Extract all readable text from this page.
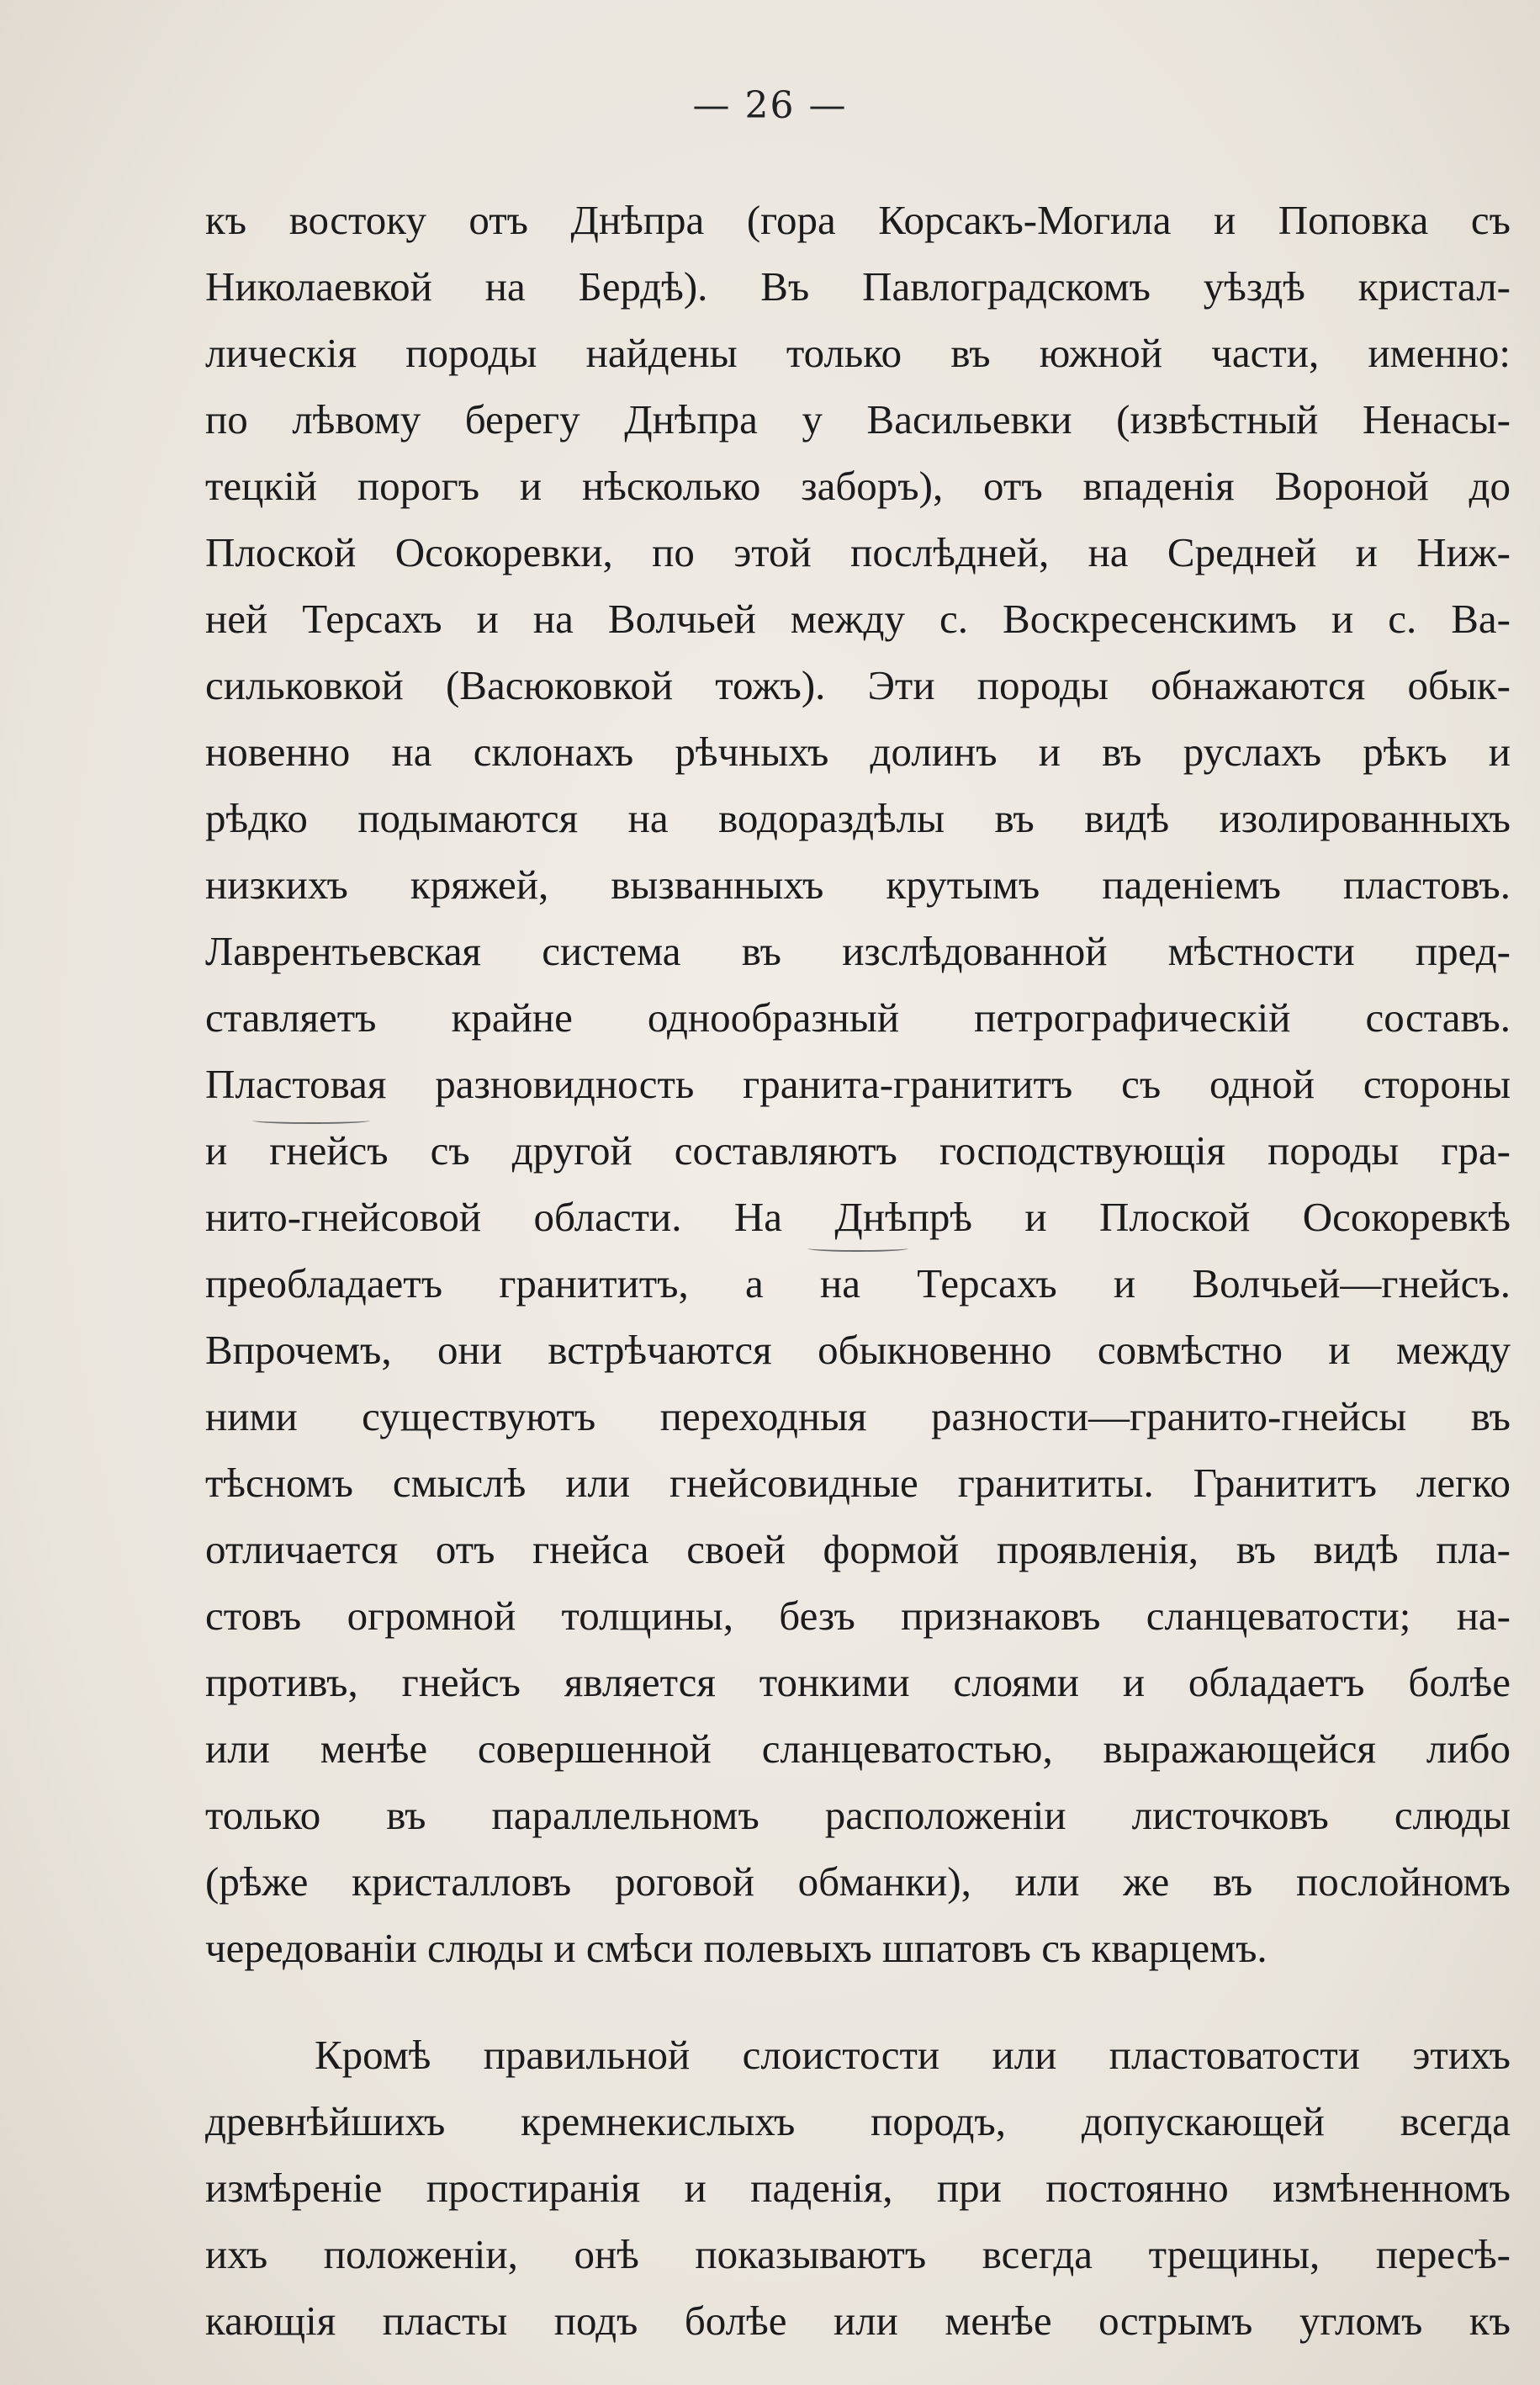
— 26 —
къ востоку отъ Днѣпра (гора Корсакъ-Могила и Поповка съ
Николаевкой на Бердѣ). Въ Павлоградскомъ уѣздѣ кристал-
лическія породы найдены только въ южной части, именно:
по лѣвому берегу Днѣпра у Васильевки (извѣстный Ненасы-
тецкій порогъ и нѣсколько заборъ), отъ впаденія Вороной до
Плоской Осокоревки, по этой послѣдней, на Средней и Ниж-
ней Терсахъ и на Волчьей между с. Воскресенскимъ и с. Ва-
сильковкой (Васюковкой тожъ). Эти породы обнажаются обык-
новенно на склонахъ рѣчныхъ долинъ и въ руслахъ рѣкъ и
рѣдко подымаются на водораздѣлы въ видѣ изолированныхъ
низкихъ кряжей, вызванныхъ крутымъ паденіемъ пластовъ.
Лаврентьевская система въ изслѣдованной мѣстности пред-
ставляетъ крайне однообразный петрографическій составъ.
Пластовая разновидность гранита-гранититъ съ одной стороны
и гнейсъ съ другой составляютъ господствующія породы гра-
нито-гнейсовой области. На Днѣпрѣ и Плоской Осокоревкѣ
преобладаетъ гранититъ, а на Терсахъ и Волчьей—гнейсъ.
Впрочемъ, они встрѣчаются обыкновенно совмѣстно и между
ними существуютъ переходныя разности—гранито-гнейсы въ
тѣсномъ смыслѣ или гнейсовидные гранититы. Гранититъ легко
отличается отъ гнейса своей формой проявленія, въ видѣ пла-
стовъ огромной толщины, безъ признаковъ сланцеватости; на-
противъ, гнейсъ является тонкими слоями и обладаетъ болѣе
или менѣе совершенной сланцеватостью, выражающейся либо
только въ параллельномъ расположеніи листочковъ слюды
(рѣже кристалловъ роговой обманки), или же въ послойномъ
чередованіи слюды и смѣси полевыхъ шпатовъ съ кварцемъ.
Кромѣ правильной слоистости или пластоватости этихъ
древнѣйшихъ кремнекислыхъ породъ, допускающей всегда
измѣреніе простиранія и паденія, при постоянно измѣненномъ
ихъ положеніи, онѣ показываютъ всегда трещины, пересѣ-
кающія пласты подъ болѣе или менѣе острымъ угломъ къ
